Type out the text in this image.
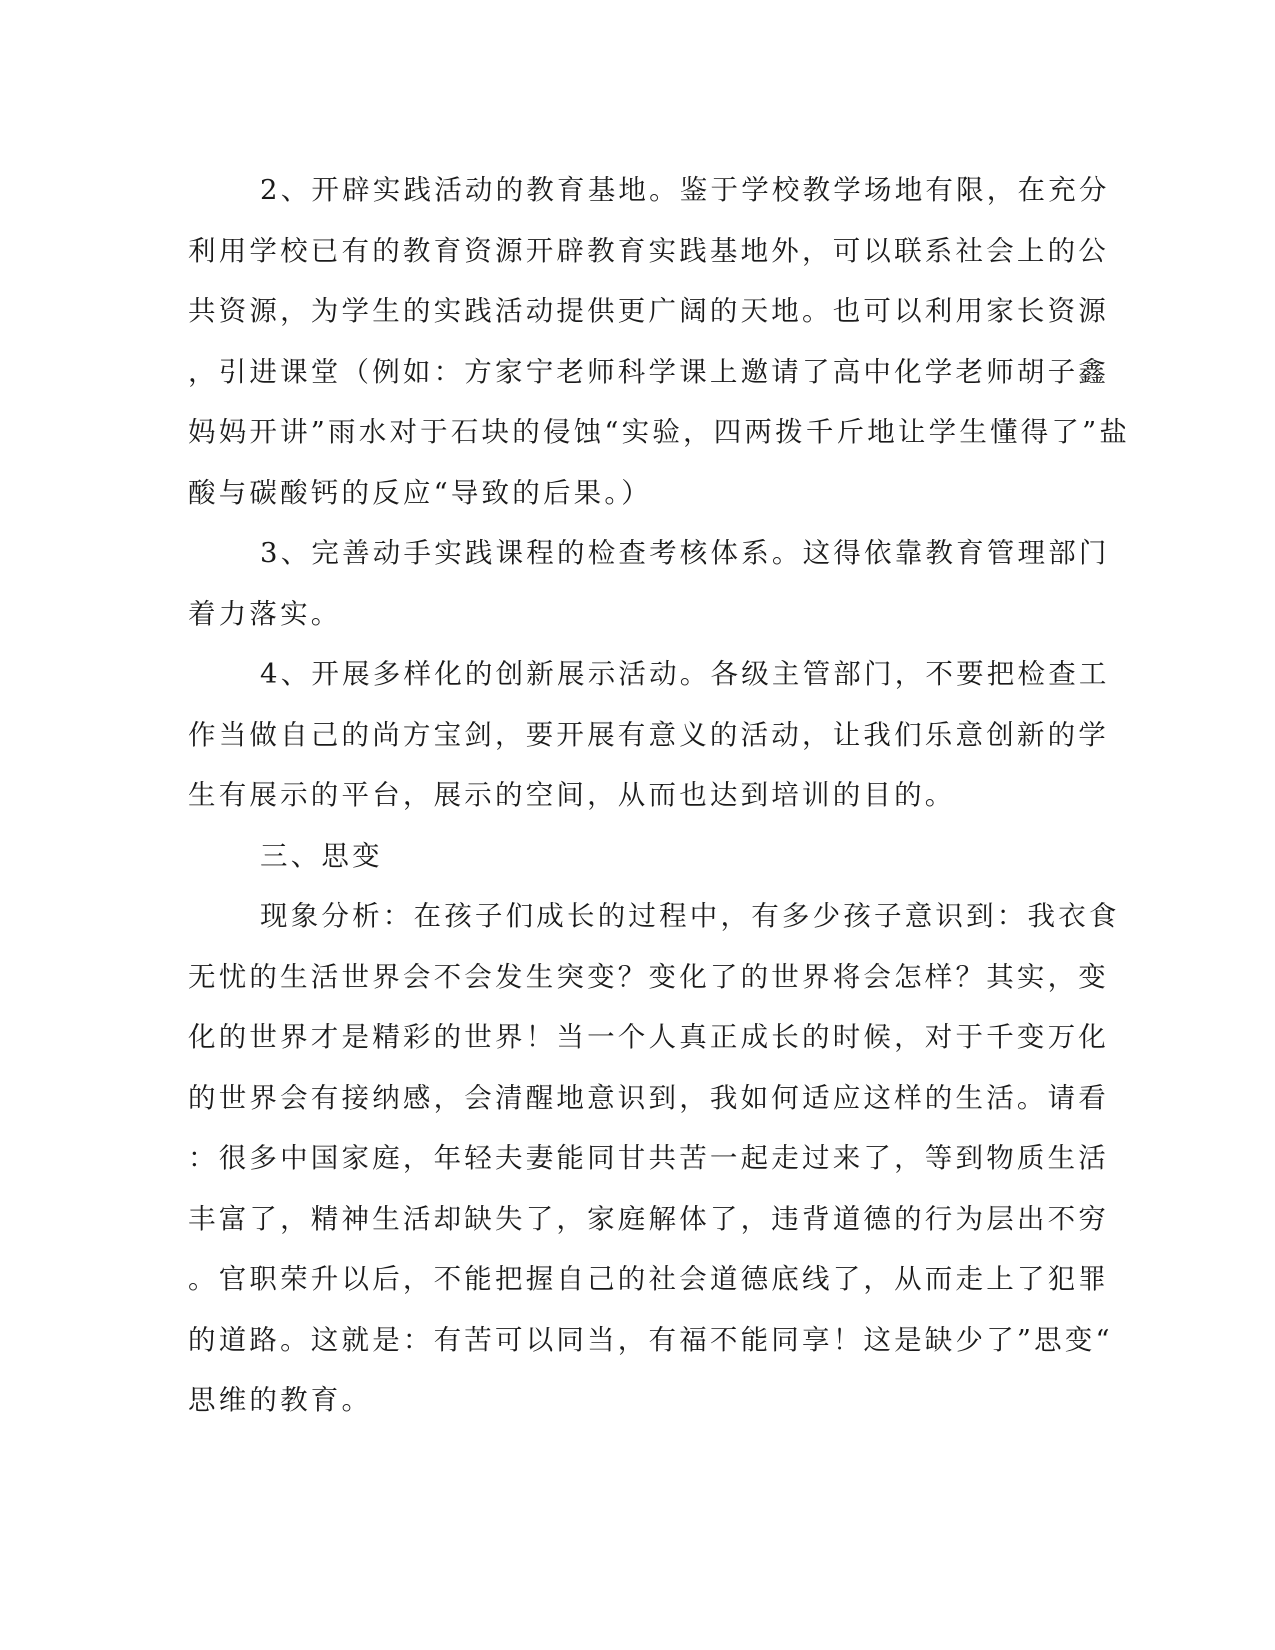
2、开辟实践活动的教育基地。鉴于学校教学场地有限，在充分
利用学校已有的教育资源开辟教育实践基地外，可以联系社会上的公
共资源，为学生的实践活动提供更广阔的天地。也可以利用家长资源
，引进课堂（例如：方家宁老师科学课上邀请了高中化学老师胡子鑫
妈妈开讲”雨水对于石块的侵蚀“实验，四两拨千斤地让学生懂得了”盐
酸与碳酸钙的反应“导致的后果。）
3、完善动手实践课程的检查考核体系。这得依靠教育管理部门
着力落实。
4、开展多样化的创新展示活动。各级主管部门，不要把检查工
作当做自己的尚方宝剑，要开展有意义的活动，让我们乐意创新的学
生有展示的平台，展示的空间，从而也达到培训的目的。
三、思变
现象分析：在孩子们成长的过程中，有多少孩子意识到：我衣食
无忧的生活世界会不会发生突变？变化了的世界将会怎样？其实，变
化的世界才是精彩的世界！当一个人真正成长的时候，对于千变万化
的世界会有接纳感，会清醒地意识到，我如何适应这样的生活。请看
：很多中国家庭，年轻夫妻能同甘共苦一起走过来了，等到物质生活
丰富了，精神生活却缺失了，家庭解体了，违背道德的行为层出不穷
。官职荣升以后，不能把握自己的社会道德底线了，从而走上了犯罪
的道路。这就是：有苦可以同当，有福不能同享！这是缺少了”思变“
思维的教育。
